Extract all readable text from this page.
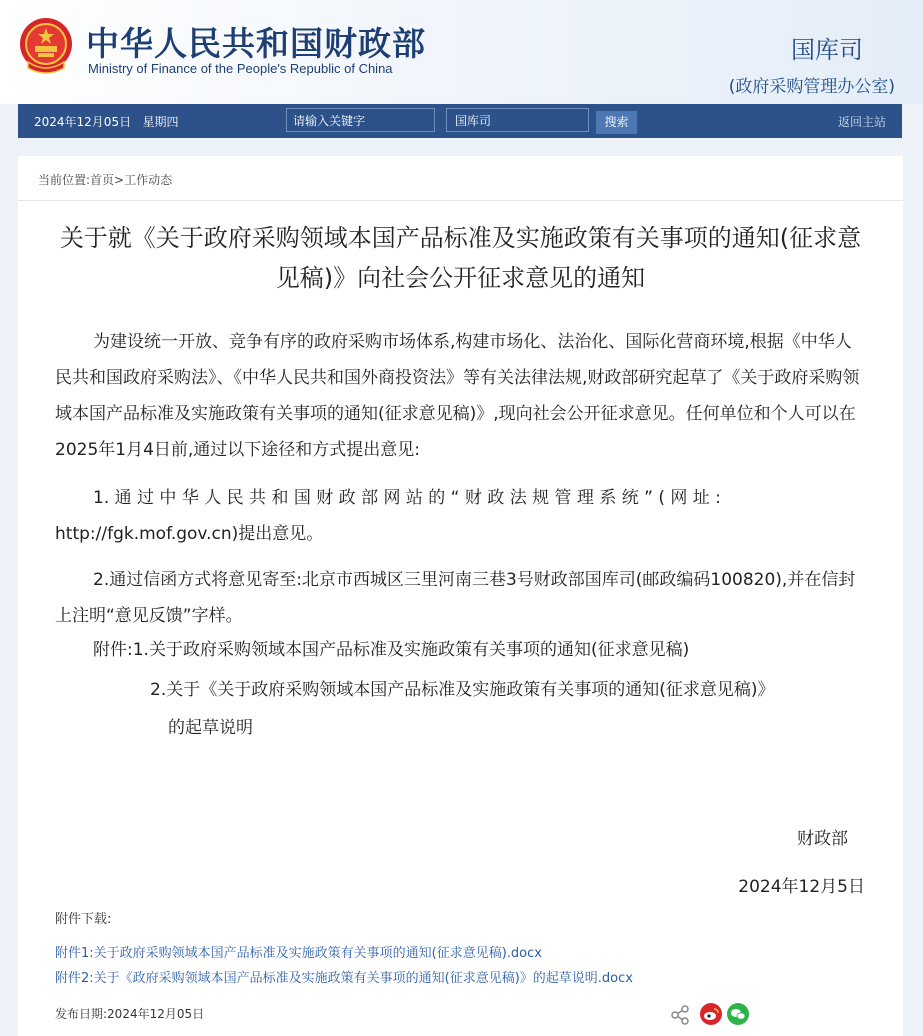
中华人民共和国财政部
Ministry of Finance of the People's Republic of China
国库司
(政府采购管理办公室)
2024年12月05日   星期四	请输入关键字	国库司	搜索	返回主站
当前位置:首页>工作动态
关于就《关于政府采购领域本国产品标准及实施政策有关事项的通知(征求意见稿)》向社会公开征求意见的通知
为建设统一开放、竞争有序的政府采购市场体系,构建市场化、法治化、国际化营商环境,根据《中华人民共和国政府采购法》、《中华人民共和国外商投资法》等有关法律法规,财政部研究起草了《关于政府采购领域本国产品标准及实施政策有关事项的通知(征求意见稿)》,现向社会公开征求意见。任何单位和个人可以在2025年1月4日前,通过以下途径和方式提出意见:
1. 通 过 中 华 人 民 共 和 国 财 政 部 网 站 的 “ 财 政 法 规 管 理 系 统 ” ( 网 址 : http://fgk.mof.gov.cn)提出意见。
2.通过信函方式将意见寄至:北京市西城区三里河南三巷3号财政部国库司(邮政编码100820),并在信封上注明“意见反馈”字样。
附件:1.关于政府采购领域本国产品标准及实施政策有关事项的通知(征求意见稿)
2.关于《关于政府采购领域本国产品标准及实施政策有关事项的通知(征求意见稿)》
的起草说明
财政部
2024年12月5日
附件下载:
附件1:关于政府采购领域本国产品标准及实施政策有关事项的通知(征求意见稿).docx
附件2:关于《政府采购领域本国产品标准及实施政策有关事项的通知(征求意见稿)》的起草说明.docx
发布日期:2024年12月05日
